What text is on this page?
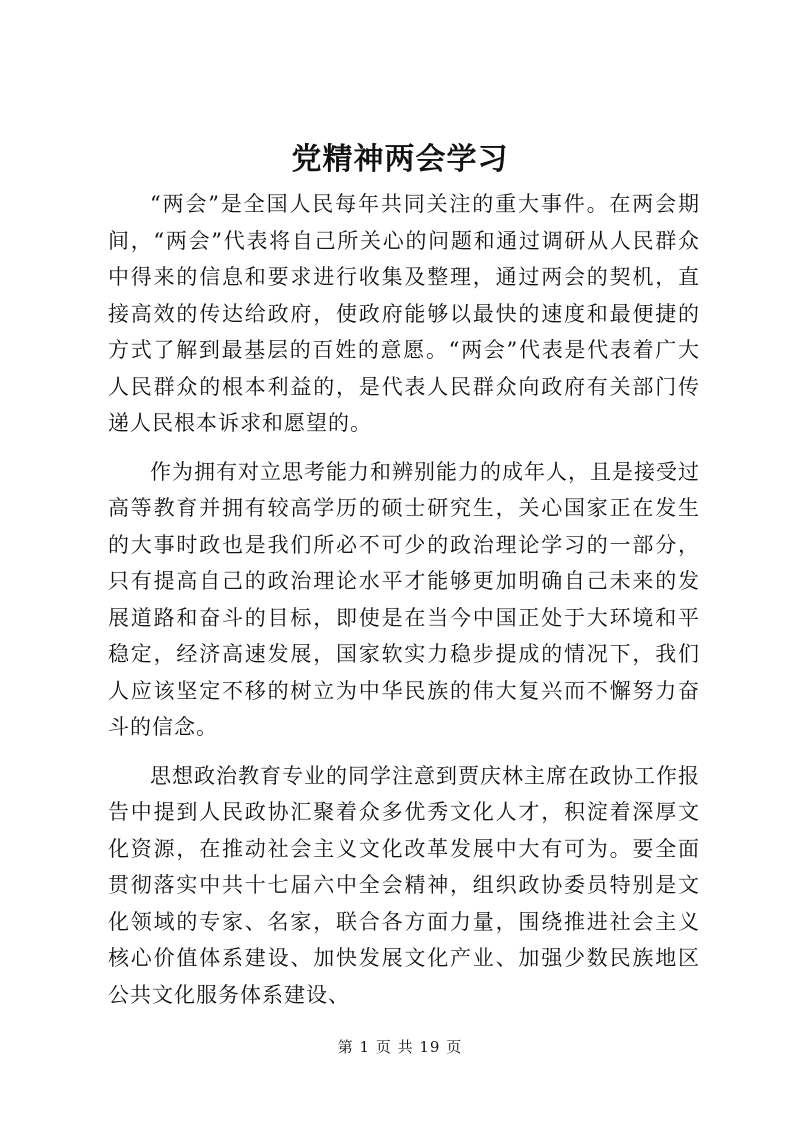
党精神两会学习

“两会”是全国人民每年共同关注的重大事件。在两会期间，“两会”代表将自己所关心的问题和通过调研从人民群众中得来的信息和要求进行收集及整理，通过两会的契机，直接高效的传达给政府，使政府能够以最快的速度和最便捷的方式了解到最基层的百姓的意愿。“两会”代表是代表着广大人民群众的根本利益的，是代表人民群众向政府有关部门传递人民根本诉求和愿望的。

作为拥有对立思考能力和辨别能力的成年人，且是接受过高等教育并拥有较高学历的硕士研究生，关心国家正在发生的大事时政也是我们所必不可少的政治理论学习的一部分，只有提高自己的政治理论水平才能够更加明确自己未来的发展道路和奋斗的目标，即使是在当今中国正处于大环境和平稳定，经济高速发展，国家软实力稳步提成的情况下，我们人应该坚定不移的树立为中华民族的伟大复兴而不懈努力奋斗的信念。

思想政治教育专业的同学注意到贾庆林主席在政协工作报告中提到人民政协汇聚着众多优秀文化人才，积淀着深厚文化资源，在推动社会主义文化改革发展中大有可为。要全面贯彻落实中共十七届六中全会精神，组织政协委员特别是文化领域的专家、名家，联合各方面力量，围绕推进社会主义核心价值体系建设、加快发展文化产业、加强少数民族地区公共文化服务体系建设、

第 1 页 共 19 页
